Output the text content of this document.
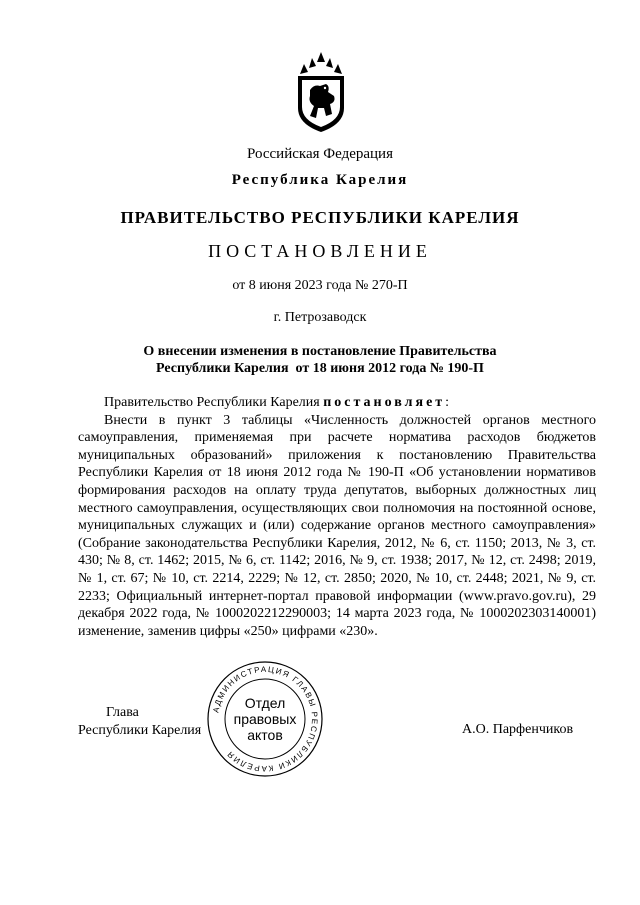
Российская Федерация
Республика Карелия
ПРАВИТЕЛЬСТВО РЕСПУБЛИКИ КАРЕЛИЯ
ПОСТАНОВЛЕНИЕ
от 8 июня 2023 года № 270-П
г. Петрозаводск
О внесении изменения в постановление Правительства
Республики Карелия  от 18 июня 2012 года № 190-П

Правительство Республики Карелия постановляет:

Внести в пункт 3 таблицы «Численность должностей органов местного самоуправления, применяемая при расчете норматива расходов бюджетов муниципальных образований» приложения к постановлению Правительства Республики Карелия от 18 июня 2012 года № 190-П «Об установлении нормативов формирования расходов на оплату труда депутатов, выборных должностных лиц местного самоуправления, осуществляющих свои полномочия на постоянной основе, муниципальных служащих и (или) содержание органов местного самоуправления» (Собрание законодательства Республики Карелия, 2012, № 6, ст. 1150; 2013, № 3, ст. 430; № 8, ст. 1462; 2015, № 6, ст. 1142; 2016, № 9, ст. 1938; 2017, № 12, ст. 2498; 2019, № 1, ст. 67; № 10, ст. 2214, 2229; № 12, ст. 2850; 2020, № 10, ст. 2448; 2021, № 9, ст. 2233; Официальный интернет-портал правовой информации (www.pravo.gov.ru), 29 декабря 2022 года, № 1000202212290003; 14 марта 2023 года, № 1000202303140001) изменение, заменив цифры «250» цифрами «230».

Глава
Республики Карелия
АДМИНИСТРАЦИЯ ГЛАВЫ РЕСПУБЛИКИ КАРЕЛИЯ
Отдел
правовых
актов	А.О. Парфенчиков
